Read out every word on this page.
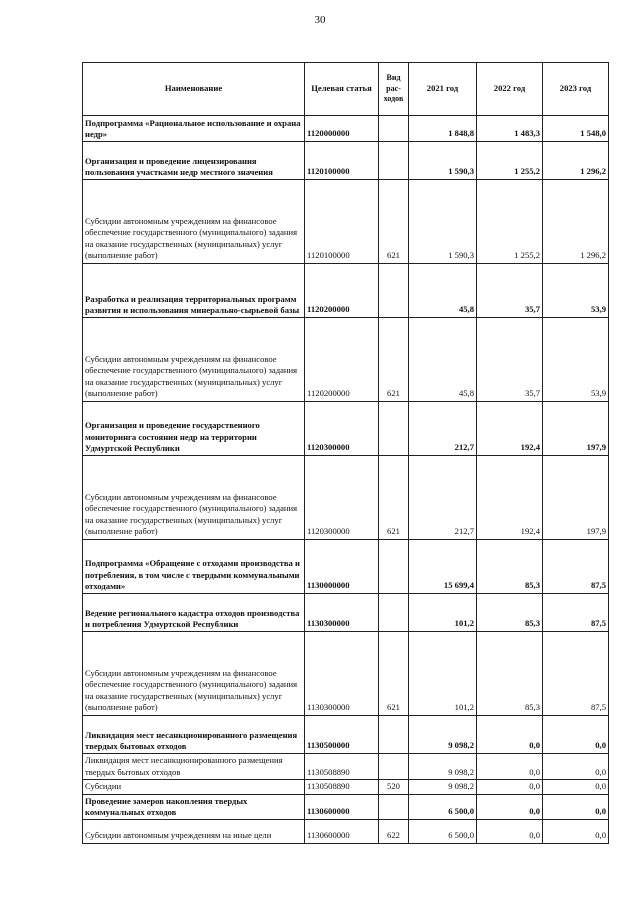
30
Наименование	Целевая статья	Вид рас-ходов	2021 год	2022 год	2023 год
Подпрограмма «Рациональное использование и охрана недр»	1120000000		1 848,8	1 483,3	1 548,0
Организация и проведение лицензирования пользования участками недр местного значения	1120100000		1 590,3	1 255,2	1 296,2
Субсидии автономным учреждениям на финансовое обеспечение государственного (муниципального) задания на оказание государственных (муниципальных) услуг (выполнение работ)	1120100000	621	1 590,3	1 255,2	1 296,2
Разработка и реализация территориальных программ развития и использования минерально-сырьевой базы	1120200000		45,8	35,7	53,9
Субсидии автономным учреждениям на финансовое обеспечение государственного (муниципального) задания на оказание государственных (муниципальных) услуг (выполнение работ)	1120200000	621	45,8	35,7	53,9
Организация и проведение государственного мониторинга состояния недр на территории Удмуртской Республики	1120300000		212,7	192,4	197,9
Субсидии автономным учреждениям на финансовое обеспечение государственного (муниципального) задания на оказание государственных (муниципальных) услуг (выполнение работ)	1120300000	621	212,7	192,4	197,9
Подпрограмма «Обращение с отходами производства и потребления, в том числе с твердыми коммунальными отходами»	1130000000		15 699,4	85,3	87,5
Ведение регионального кадастра отходов производства и потребления Удмуртской Республики	1130300000		101,2	85,3	87,5
Субсидии автономным учреждениям на финансовое обеспечение государственного (муниципального) задания на оказание государственных (муниципальных) услуг (выполнение работ)	1130300000	621	101,2	85,3	87,5
Ликвидация мест несанкционированного размещения твердых бытовых отходов	1130500000		9 098,2	0,0	0,0
Ликвидация мест несанкционированного размещения твердых бытовых отходов	1130508890		9 098,2	0,0	0,0
Субсидии	1130508890	520	9 098,2	0,0	0,0
Проведение замеров накопления твердых коммунальных отходов	1130600000		6 500,0	0,0	0,0
Субсидии автономным учреждениям на иные цели	1130600000	622	6 500,0	0,0	0,0
